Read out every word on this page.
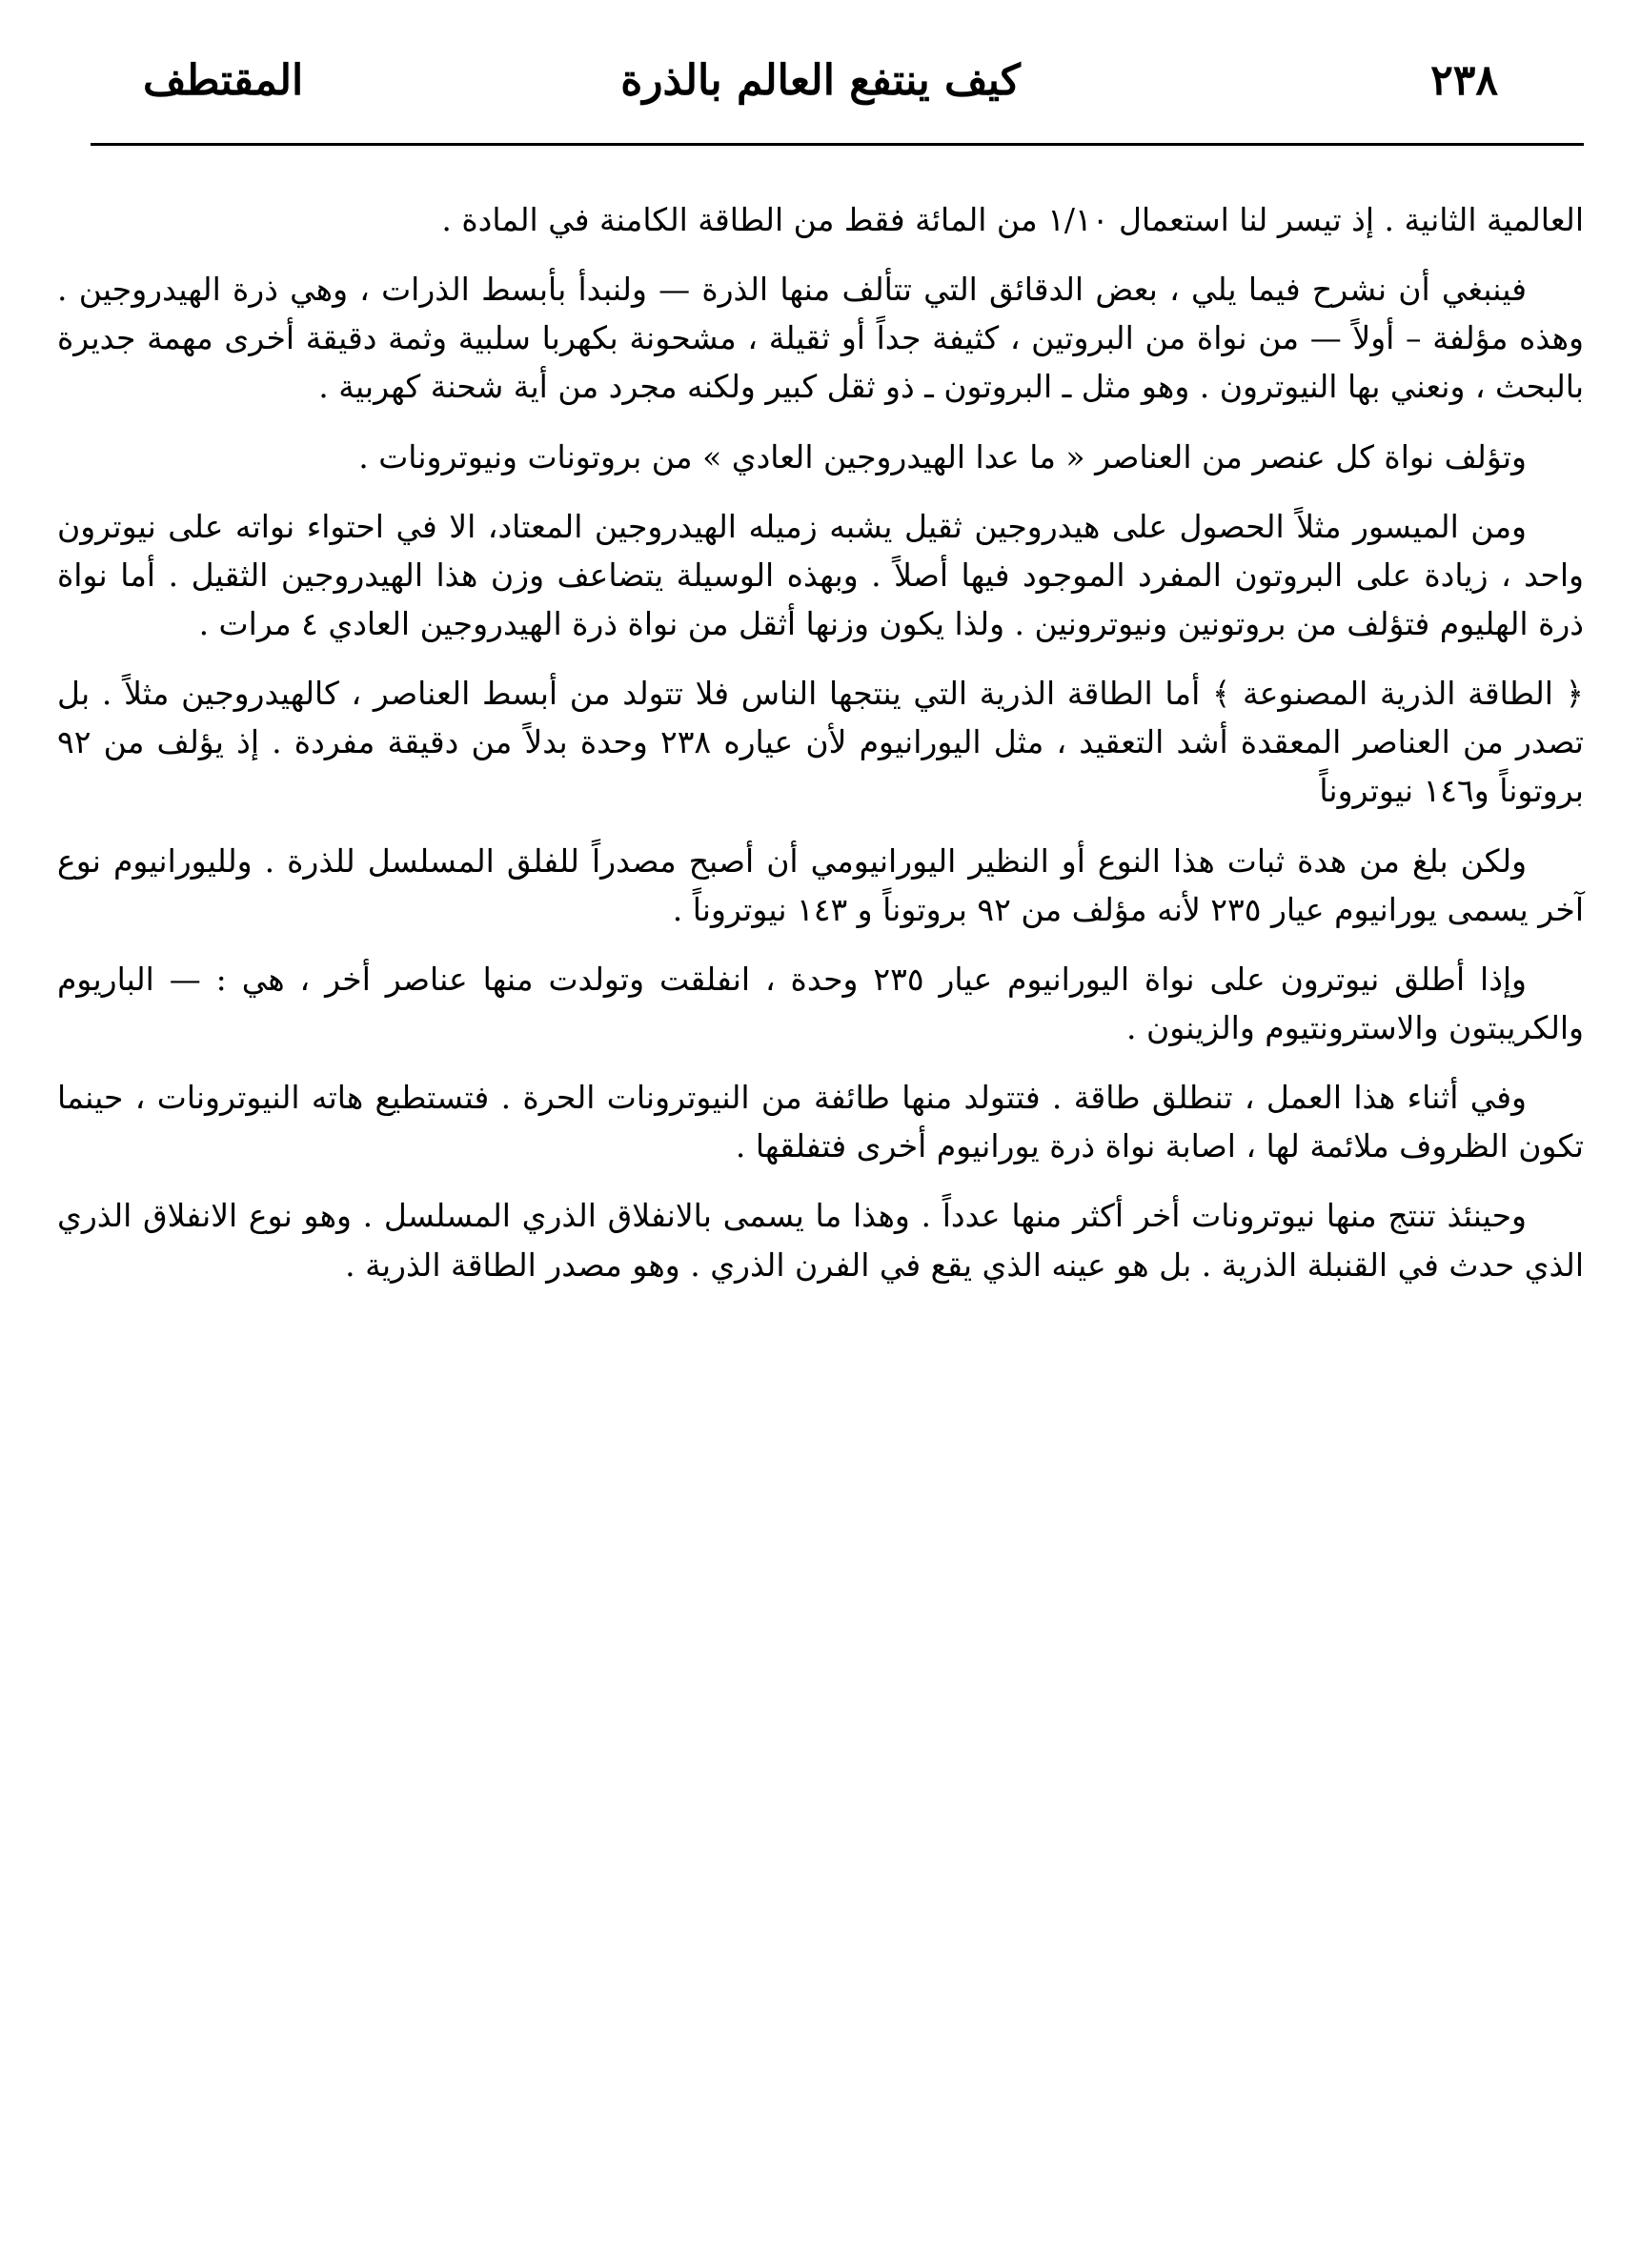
٢٣٨
كيف ينتفع العالم بالذرة
المقتطف

العالمية الثانية . إذ تيسر لنا استعمال ١/١٠ من المائة فقط من الطاقة الكامنة في المادة .

فينبغي أن نشرح فيما يلي ، بعض الدقائق التي تتألف منها الذرة — ولنبدأ بأبسط الذرات ، وهي ذرة الهيدروجين . وهذه مؤلفة – أولاً — من نواة من البروتين ، كثيفة جداً أو ثقيلة ، مشحونة بكهربا سلبية وثمة دقيقة أخرى مهمة جديرة بالبحث ، ونعني بها النيوترون . وهو مثل ـ البروتون ـ ذو ثقل كبير ولكنه مجرد من أية شحنة كهربية .

وتؤلف نواة كل عنصر من العناصر « ما عدا الهيدروجين العادي » من بروتونات ونيوترونات .

ومن الميسور مثلاً الحصول على هيدروجين ثقيل يشبه زميله الهيدروجين المعتاد، الا في احتواء نواته على نيوترون واحد ، زيادة على البروتون المفرد الموجود فيها أصلاً . وبهذه الوسيلة يتضاعف وزن هذا الهيدروجين الثقيل . أما نواة ذرة الهليوم فتؤلف من بروتونين ونيوترونين . ولذا يكون وزنها أثقل من نواة ذرة الهيدروجين العادي ٤ مرات .

﴿ الطاقة الذرية المصنوعة ﴾ أما الطاقة الذرية التي ينتجها الناس فلا تتولد من أبسط العناصر ، كالهيدروجين مثلاً . بل تصدر من العناصر المعقدة أشد التعقيد ، مثل اليورانيوم لأن عياره ٢٣٨ وحدة بدلاً من دقيقة مفردة . إذ يؤلف من ٩٢ بروتوناً و١٤٦ نيوتروناً

ولكن بلغ من هدة ثبات هذا النوع أو النظير اليورانيومي أن أصبح مصدراً للفلق المسلسل للذرة . ولليورانيوم نوع آخر يسمى يورانيوم عيار ٢٣٥ لأنه مؤلف من ٩٢ بروتوناً و ١٤٣ نيوتروناً .

وإذا أطلق نيوترون على نواة اليورانيوم عيار ٢٣٥ وحدة ، انفلقت وتولدت منها عناصر أخر ، هي : — الباريوم والكريبتون والاسترونتيوم والزينون .

وفي أثناء هذا العمل ، تنطلق طاقة . فتتولد منها طائفة من النيوترونات الحرة . فتستطيع هاته النيوترونات ، حينما تكون الظروف ملائمة لها ، اصابة نواة ذرة يورانيوم أخرى فتفلقها .

وحينئذ تنتج منها نيوترونات أخر أكثر منها عدداً . وهذا ما يسمى بالانفلاق الذري المسلسل . وهو نوع الانفلاق الذري الذي حدث في القنبلة الذرية . بل هو عينه الذي يقع في الفرن الذري . وهو مصدر الطاقة الذرية .
